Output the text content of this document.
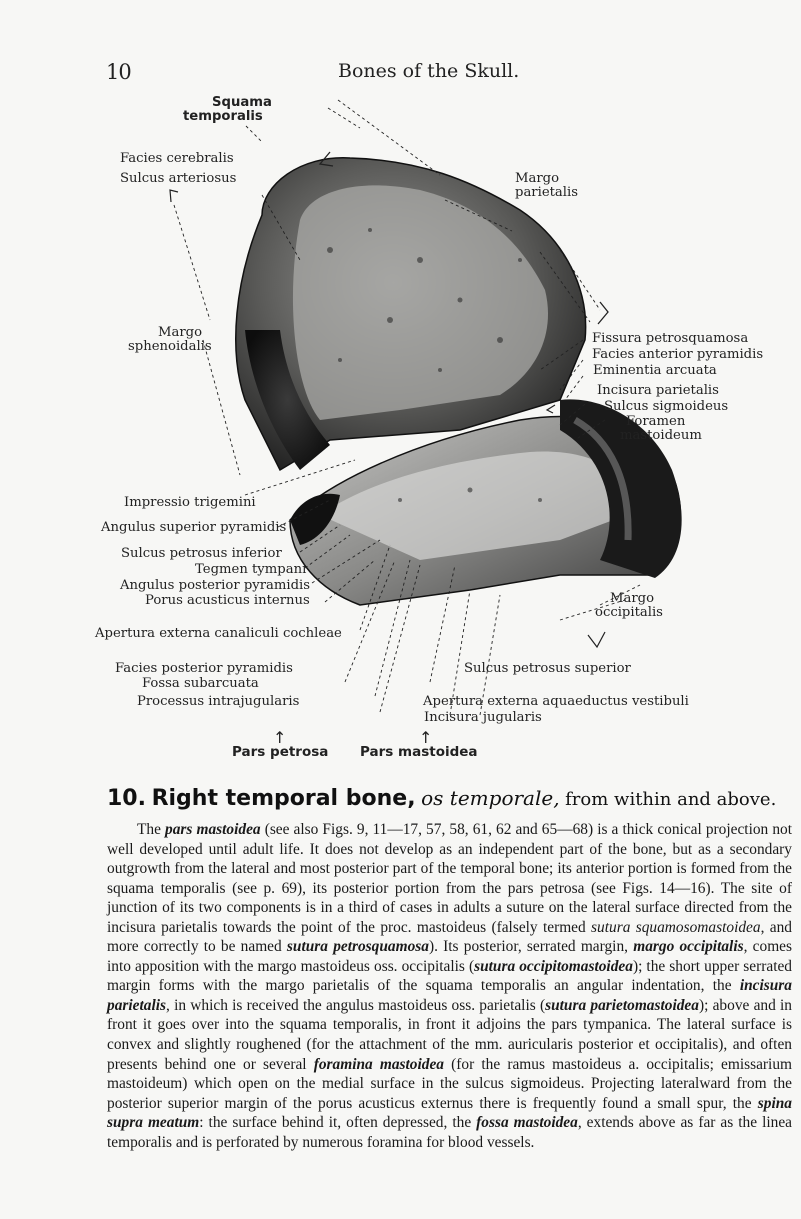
10	Bones of the Skull.
Squama
temporalis
Facies cerebralis
Sulcus arteriosus	Margo
parietalis
Margo
sphenoidalis
Fissura petrosquamosa
Facies anterior pyramidis
Eminentia arcuata
Incisura parietalis
Sulcus sigmoideus
Foramen
mastoideum
Impressio trigemini
Angulus superior pyramidis
Sulcus petrosus inferior
Tegmen tympani
Angulus posterior pyramidis
Porus acusticus internus	Margo
occipitalis
Apertura externa canaliculi cochleae
Facies posterior pyramidis	Sulcus petrosus superior
Fossa subarcuata
Processus intrajugularis	Apertura externa aquaeductus vestibuli
Incisura jugularis
↑	↑
Pars petrosa Pars mastoidea
10. Right temporal bone, os temporale, from within and above.

The pars mastoidea (see also Figs. 9, 11—17, 57, 58, 61, 62 and 65—68) is a thick conical projection not well developed until adult life. It does not develop as an independent part of the bone, but as a secondary outgrowth from the lateral and most posterior part of the temporal bone; its anterior portion is formed from the squama temporalis (see p. 69), its posterior portion from the pars petrosa (see Figs. 14—16). The site of junction of its two components is in a third of cases in adults a suture on the lateral surface directed from the incisura parietalis towards the point of the proc. mastoideus (falsely termed sutura squamosomastoidea, and more correctly to be named sutura petrosquamosa). Its posterior, serrated margin, margo occipitalis, comes into apposition with the margo mastoideus oss. occipitalis (sutura occipitomastoidea); the short upper serrated margin forms with the margo parietalis of the squama temporalis an angular indentation, the incisura parietalis, in which is received the angulus mastoideus oss. parietalis (sutura parietomastoidea); above and in front it goes over into the squama temporalis, in front it adjoins the pars tympanica. The lateral surface is convex and slightly roughened (for the attachment of the mm. auricularis posterior et occipitalis), and often presents behind one or several foramina mastoidea (for the ramus mastoideus a. occipitalis; emissarium mastoideum) which open on the medial surface in the sulcus sigmoideus. Projecting lateralward from the posterior superior margin of the porus acusticus externus there is frequently found a small spur, the spina supra meatum: the surface behind it, often depressed, the fossa mastoidea, extends above as far as the linea temporalis and is perforated by numerous foramina for blood vessels.
